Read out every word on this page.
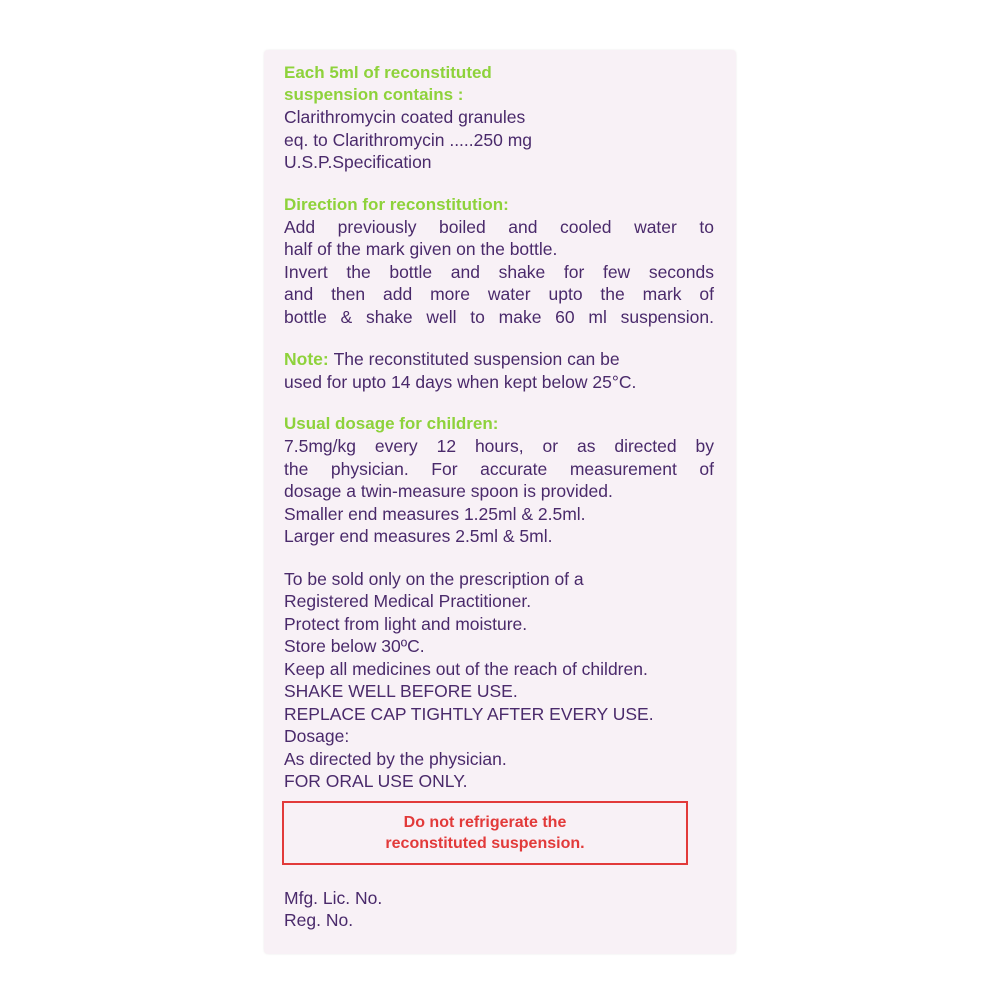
Each 5ml of reconstituted
suspension contains :
Clarithromycin coated granules
eq. to Clarithromycin .....250 mg
U.S.P.Specification
Direction for reconstitution:
Add previously boiled and cooled water to
half of the mark given on the bottle.
Invert the bottle and shake for few seconds
and then add more water upto the mark of
bottle & shake well to make 60 ml suspension.
Note: The reconstituted suspension can be
used for upto 14 days when kept below 25°C.
Usual dosage for children:
7.5mg/kg every 12 hours, or as directed by
the physician. For accurate measurement of
dosage a twin-measure spoon is provided.
Smaller end measures 1.25ml & 2.5ml.
Larger end measures 2.5ml & 5ml.
To be sold only on the prescription of a
Registered Medical Practitioner.
Protect from light and moisture.
Store below 30ºC.
Keep all medicines out of the reach of children.
SHAKE WELL BEFORE USE.
REPLACE CAP TIGHTLY AFTER EVERY USE.
Dosage:
As directed by the physician.
FOR ORAL USE ONLY.
Do not refrigerate the
reconstituted suspension.
Mfg. Lic. No.
Reg. No.
